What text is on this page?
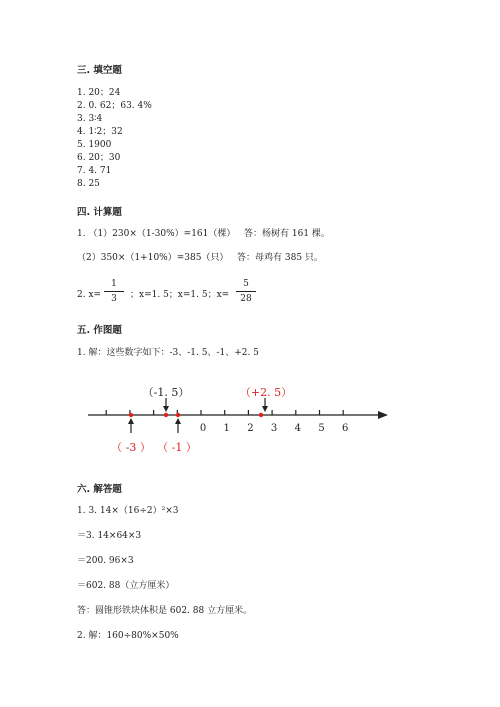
三. 填空题
1. 20；24
2. 0. 62；63. 4%
3. 3∶4
4. 1∶2；32
5. 1900
6. 20；30
7. 4. 71
8. 25
四. 计算题
1. （1）230×（1-30%）=161（棵） 答：杨树有 161 棵。
（2）350×（1+10%）=385（只） 答：母鸡有 385 只。
2. x=
1
3	；x=1. 5；x=1. 5；x=
5
28
五. 作图题
1. 解：这些数字如下：-3、-1. 5、-1、+2. 5
0 1 2 3 4 5 6
（-1. 5）	（+2. 5）
（ -3 ） （ -1 ）
六. 解答题
1. 3. 14×（16÷2）²×3
＝3. 14×64×3
＝200. 96×3
＝602. 88（立方厘米）
答：圆锥形铁块体积是 602. 88 立方厘米。
2. 解：160÷80%×50%
